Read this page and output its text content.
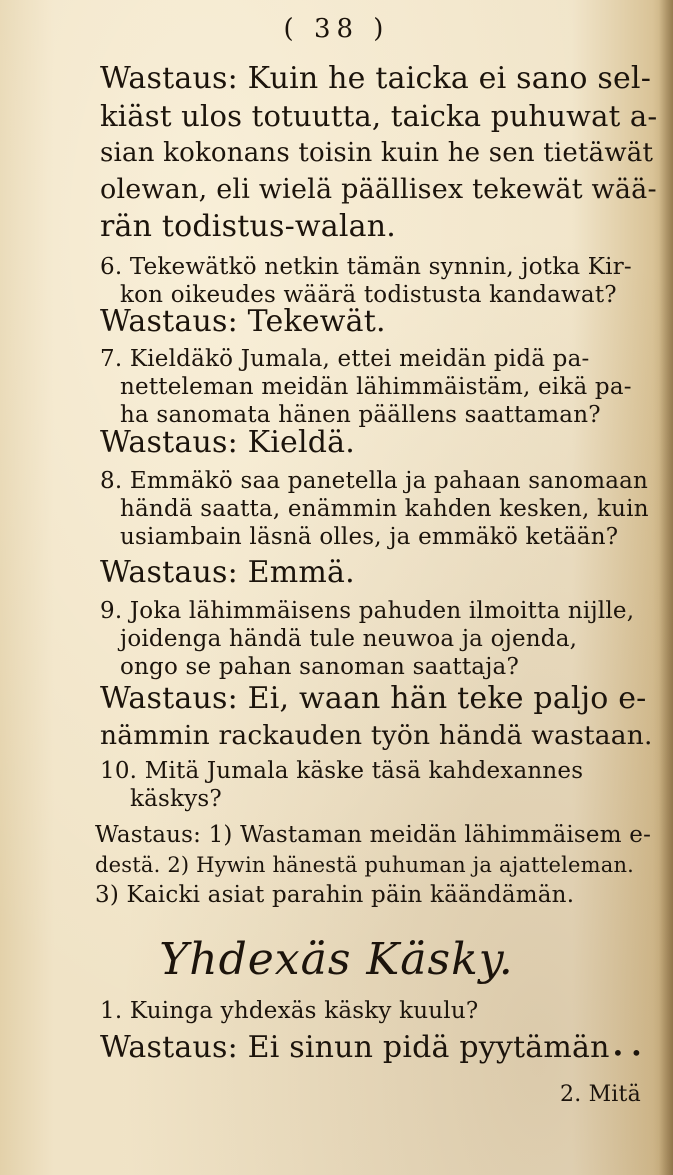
( 38 )
Wastaus: Kuin he taicka ei sano sel-
kiäst ulos totuutta, taicka puhuwat a-
sian kokonans toisin kuin he sen tietäwät
olewan, eli wielä päällisex tekewät wää-
rän todistus-walan.
6. Tekewätkö netkin tämän synnin, jotka Kir-
kon oikeudes wäärä todistusta kandawat?
Wastaus: Tekewät.
7. Kieldäkö Jumala, ettei meidän pidä pa-
netteleman meidän lähimmäistäm, eikä pa-
ha sanomata hänen päällens saattaman?
Wastaus: Kieldä.
8. Emmäkö saa panetella ja pahaan sanomaan
händä saatta, enämmin kahden kesken, kuin
usiambain läsnä olles, ja emmäkö ketään?
Wastaus: Emmä.
9. Joka lähimmäisens pahuden ilmoitta nijlle,
joidenga händä tule neuwoa ja ojenda,
ongo se pahan sanoman saattaja?
Wastaus: Ei, waan hän teke paljo e-
nämmin rackauden työn händä wastaan.
10. Mitä Jumala käske täsä kahdexannes
käskys?
Wastaus: 1) Wastaman meidän lähimmäisem e-
destä. 2) Hywin hänestä puhuman ja ajatteleman.
3) Kaicki asiat parahin päin käändämän.
1. Kuinga yhdexäs käsky kuulu?
Wastaus: Ei sinun pidä pyytämän
2. Mitä
Yhdexäs Käsky.
• •
